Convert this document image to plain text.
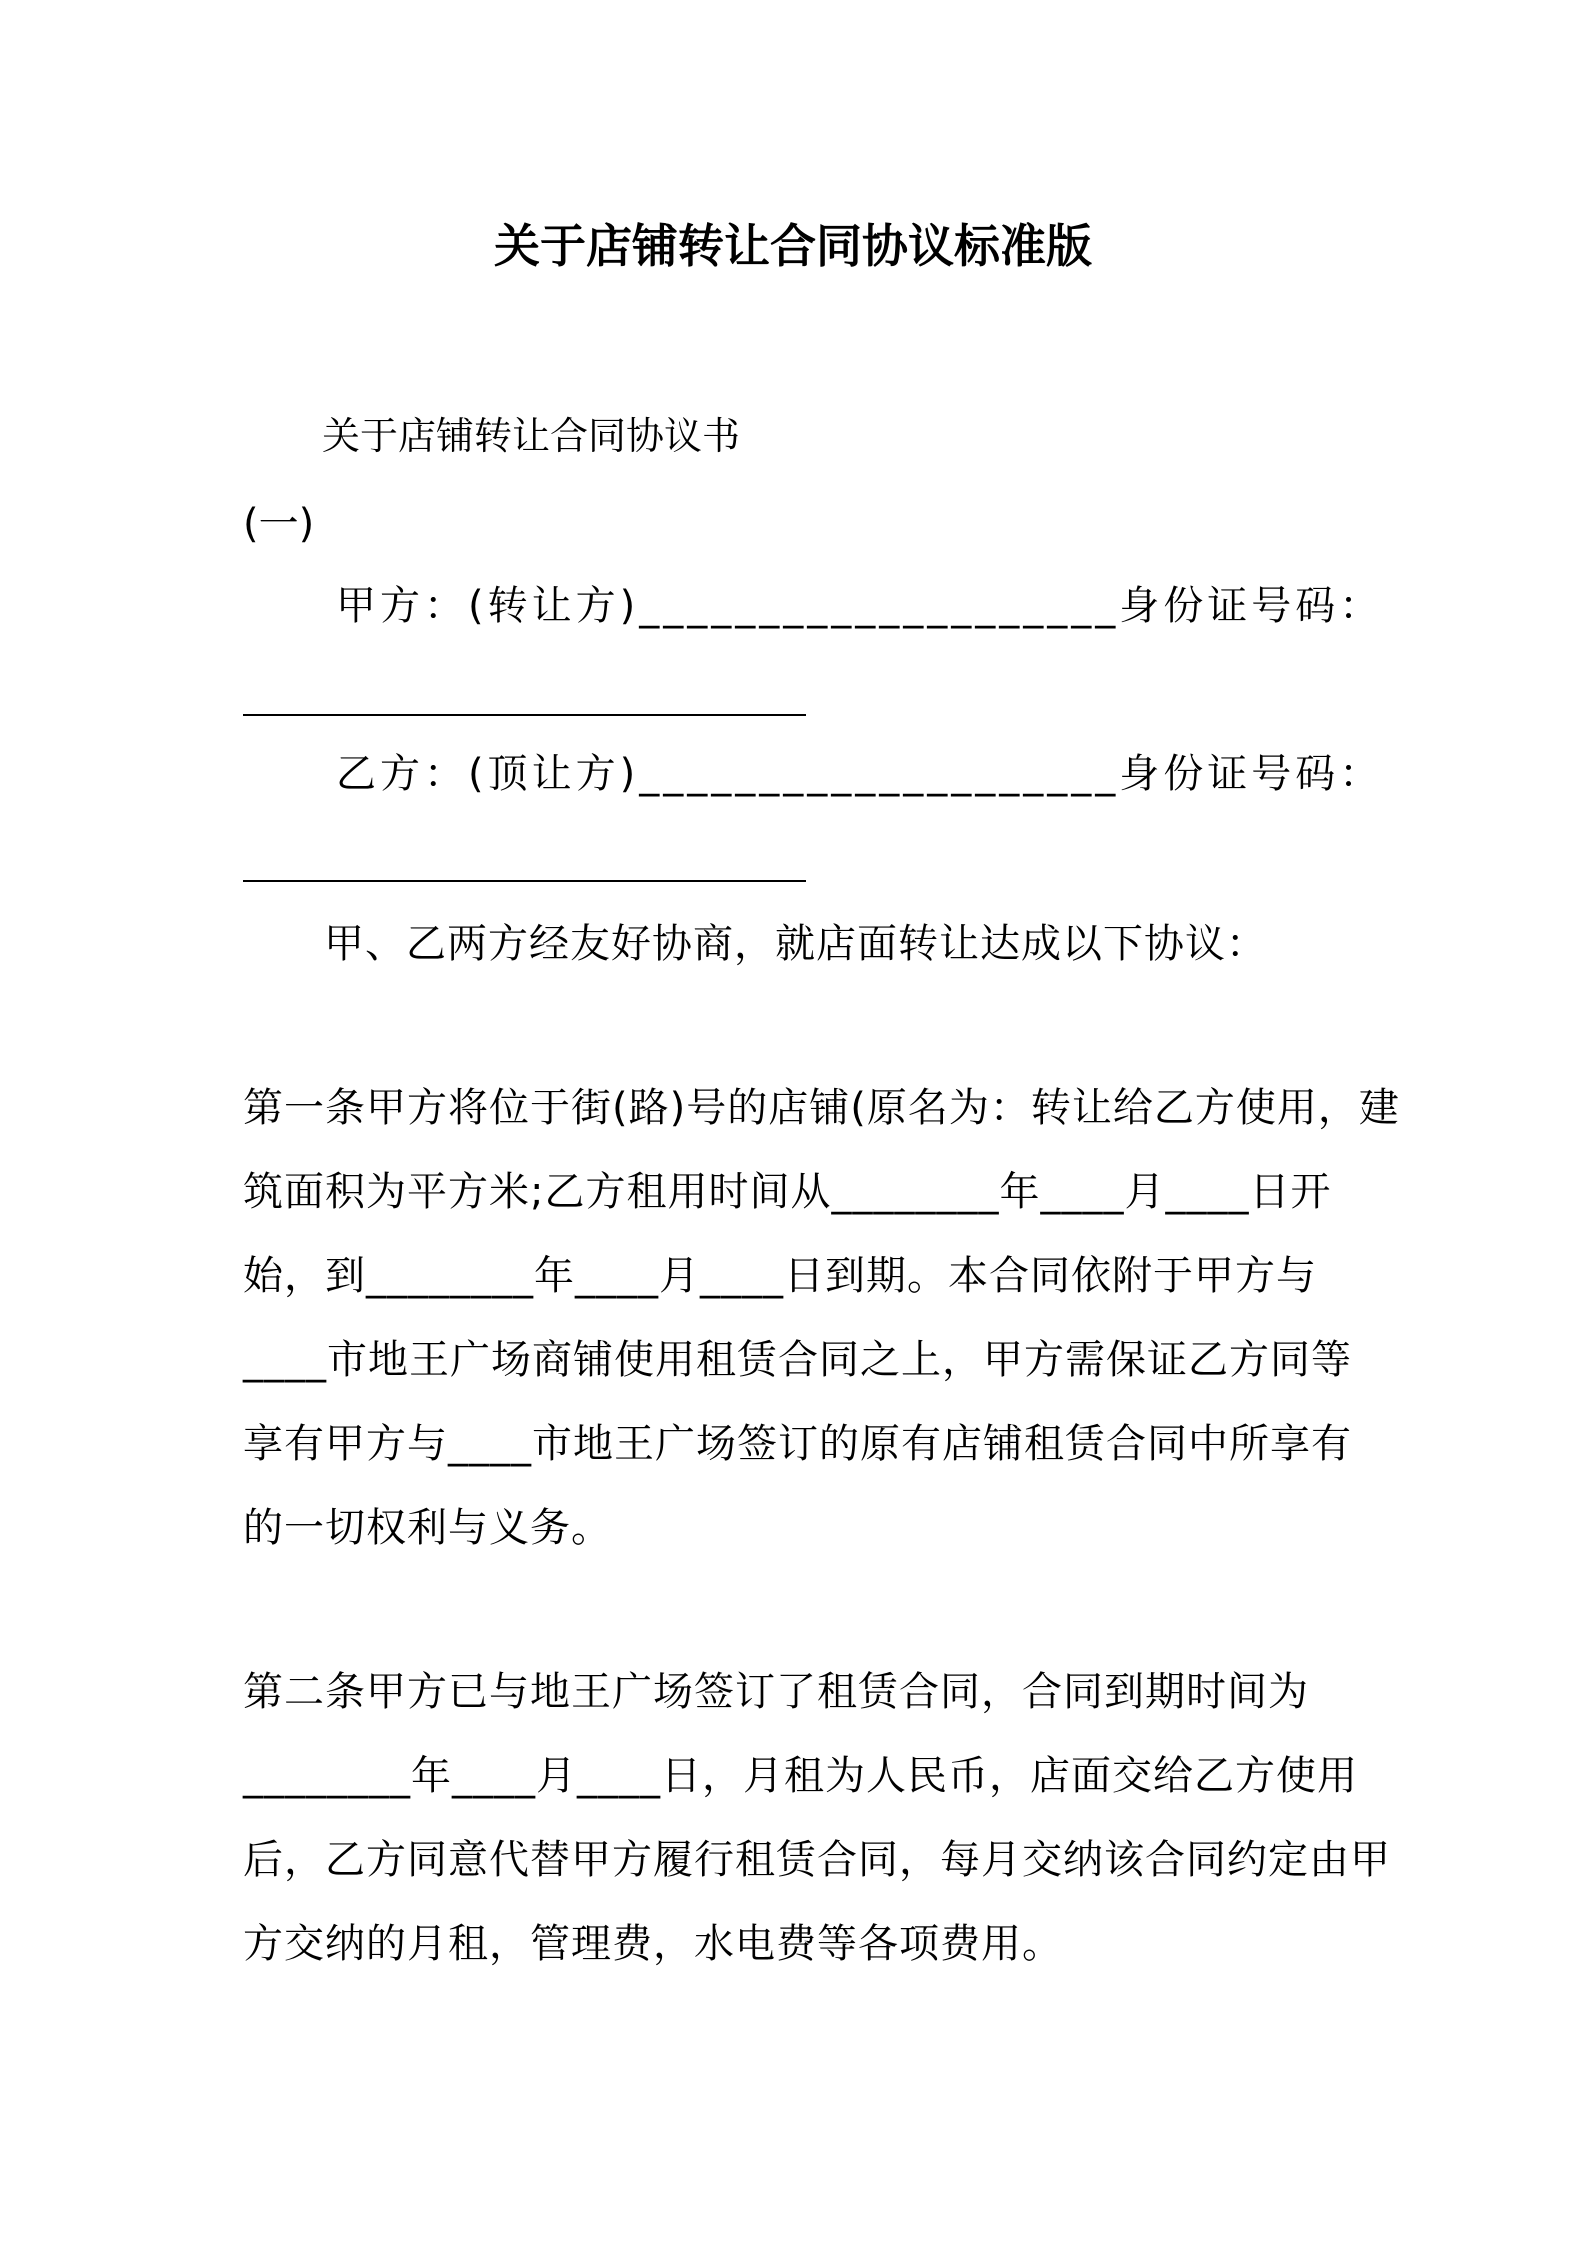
关于店铺转让合同协议标准版
关于店铺转让合同协议书
(一)
甲方：(转让方)____________________身份证号码：
乙方：(顶让方)____________________身份证号码：
甲、乙两方经友好协商，就店面转让达成以下协议：
第一条甲方将位于街(路)号的店铺(原名为：转让给乙方使用，建
筑面积为平方米;乙方租用时间从________年____月____日开
始，到________年____月____日到期。本合同依附于甲方与
____市地王广场商铺使用租赁合同之上，甲方需保证乙方同等
享有甲方与____市地王广场签订的原有店铺租赁合同中所享有
的一切权利与义务。
第二条甲方已与地王广场签订了租赁合同，合同到期时间为
________年____月____日，月租为人民币，店面交给乙方使用
后，乙方同意代替甲方履行租赁合同，每月交纳该合同约定由甲
方交纳的月租，管理费，水电费等各项费用。
